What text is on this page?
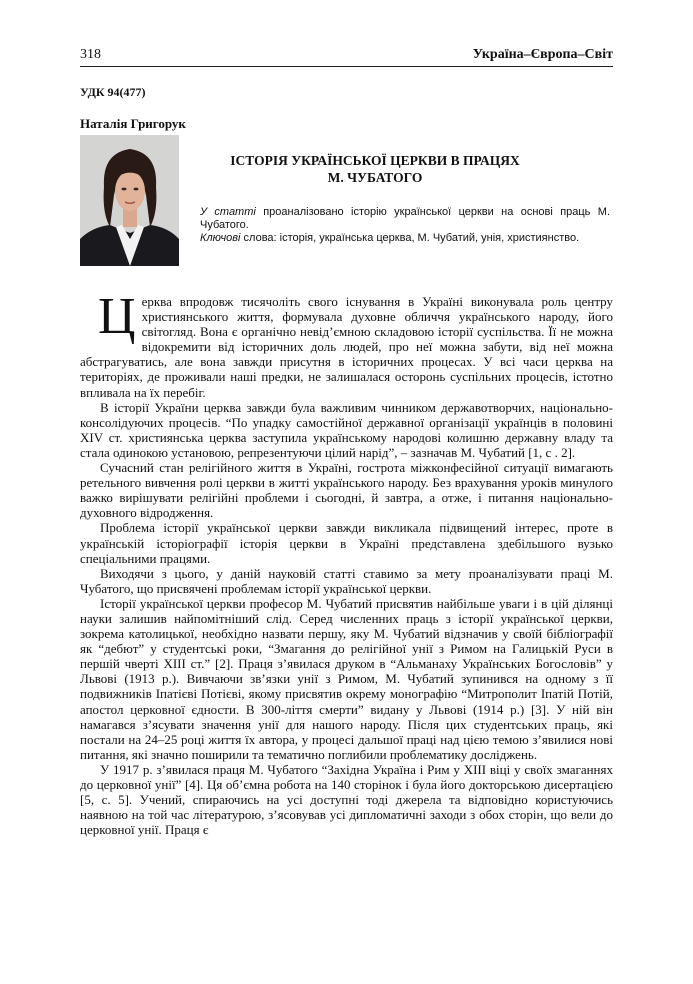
318	Україна–Європа–Світ
УДК 94(477)
Наталія Григорук
ІСТОРІЯ УКРАЇНСЬКОЇ ЦЕРКВИ В ПРАЦЯХ
М. ЧУБАТОГО

У статті проаналізовано історію української церкви на основі праць М. Чубатого.

Ключові слова: історія, українська церква, М. Чубатий, унія, християнство.

Церква впродовж тисячоліть свого існування в Україні виконувала роль центру християнського життя, формувала духовне обличчя українського народу, його світогляд. Вона є органічно невід’ємною складовою історії суспільства. Її не можна відокремити від історичних доль людей, про неї можна забути, від неї можна абстрагуватись, але вона завжди присутня в історичних процесах. У всі часи церква на територіях, де проживали наші предки, не залишалася осторонь суспільних процесів, істотно впливала на їх перебіг.

В історії України церква завжди була важливим чинником державотворчих, національно-консолідуючих процесів. “По упадку самостійної державної організації українців в половині XIV ст. християнська церква заступила українському народові колишню державну владу та стала одинокою установою, репрезентуючи цілий нарід”, – зазначав М. Чубатий [1, с . 2].

Сучасний стан релігійного життя в Україні, гострота міжконфесійної ситуації вимагають ретельного вивчення ролі церкви в житті українського народу. Без врахування уроків минулого важко вирішувати релігійні проблеми і сьогодні, й завтра, а отже, і питання національно-духовного відродження.

Проблема історії української церкви завжди викликала підвищений інтерес, проте в українській історіографії історія церкви в Україні представлена здебільшого вузько спеціальними працями.

Виходячи з цього, у даній науковій статті ставимо за мету проаналізувати праці М. Чубатого, що присвячені проблемам історії української церкви.

Історії української церкви професор М. Чубатий присвятив найбільше уваги і в цій ділянці науки залишив найпомітніший слід. Серед численних праць з історії української церкви, зокрема католицької, необхідно назвати першу, яку М. Чубатий відзначив у своїй бібліографії як “дебют” у студентські роки, “Змагання до релігійної унії з Римом на Галицькій Руси в першій чверті XIII ст.” [2]. Праця з’явилася друком в “Альманаху Українських Богословів” у Львові (1913 р.). Вивчаючи зв’язки унії з Римом, М. Чубатий зупинився на одному з її подвижників Іпатієві Потієві, якому присвятив окрему монографію “Митрополит Іпатій Потій, апостол церковної єдности. В 300-ліття смерти” видану у Львові (1914 р.) [3]. У ній він намагався з’ясувати значення унії для нашого народу. Після цих студентських праць, які постали на 24–25 році життя їх автора, у процесі дальшої праці над цією темою з’явилися нові питання, які значно поширили та тематично поглибили проблематику досліджень.

У 1917 р. з’явилася праця М. Чубатого “Західна Україна і Рим у XIII віці у своїх змаганнях до церковної унії” [4]. Ця об’ємна робота на 140 сторінок і була його докторською дисертацією [5, с. 5]. Учений, спираючись на усі доступні тоді джерела та відповідно користуючись наявною на той час літературою, з’ясовував усі дипломатичні заходи з обох сторін, що вели до церковної унії. Праця є
